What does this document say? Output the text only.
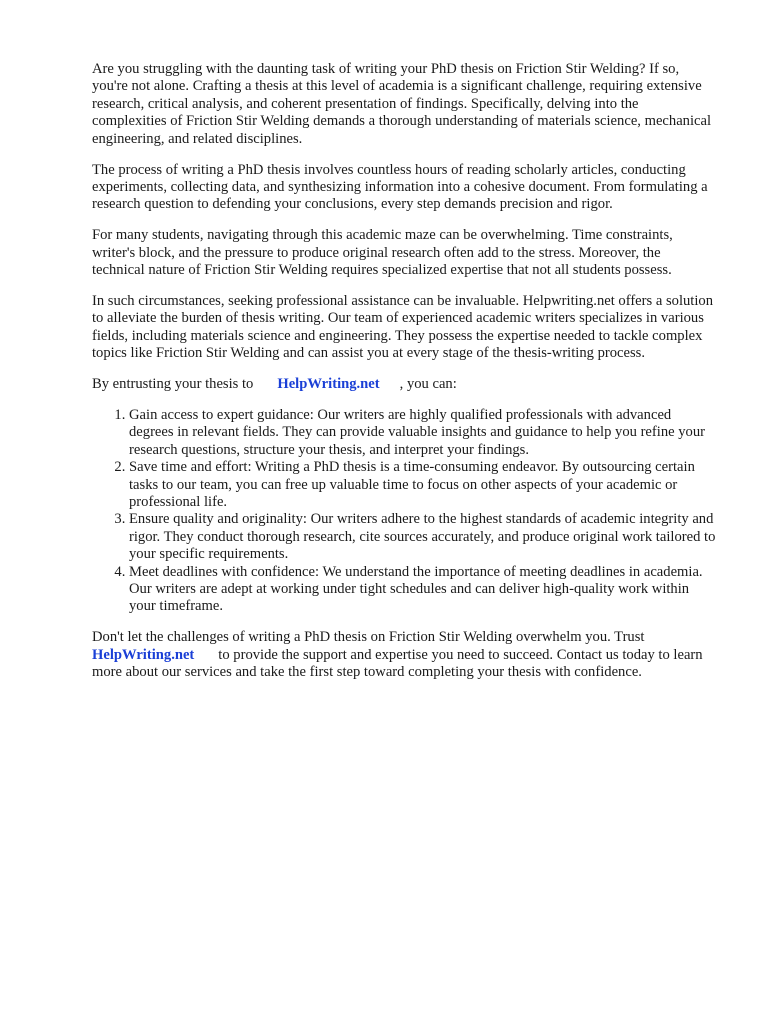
Are you struggling with the daunting task of writing your PhD thesis on Friction Stir Welding? If so, you're not alone. Crafting a thesis at this level of academia is a significant challenge, requiring extensive research, critical analysis, and coherent presentation of findings. Specifically, delving into the complexities of Friction Stir Welding demands a thorough understanding of materials science, mechanical engineering, and related disciplines.

The process of writing a PhD thesis involves countless hours of reading scholarly articles, conducting experiments, collecting data, and synthesizing information into a cohesive document. From formulating a research question to defending your conclusions, every step demands precision and rigor.

For many students, navigating through this academic maze can be overwhelming. Time constraints, writer's block, and the pressure to produce original research often add to the stress. Moreover, the technical nature of Friction Stir Welding requires specialized expertise that not all students possess.

In such circumstances, seeking professional assistance can be invaluable. Helpwriting.net offers a solution to alleviate the burden of thesis writing. Our team of experienced academic writers specializes in various fields, including materials science and engineering. They possess the expertise needed to tackle complex topics like Friction Stir Welding and can assist you at every stage of the thesis-writing process.

By entrusting your thesis to HelpWriting.net , you can:

1. Gain access to expert guidance: Our writers are highly qualified professionals with advanced degrees in relevant fields. They can provide valuable insights and guidance to help you refine your research questions, structure your thesis, and interpret your findings.
2. Save time and effort: Writing a PhD thesis is a time-consuming endeavor. By outsourcing certain tasks to our team, you can free up valuable time to focus on other aspects of your academic or professional life.
3. Ensure quality and originality: Our writers adhere to the highest standards of academic integrity and rigor. They conduct thorough research, cite sources accurately, and produce original work tailored to your specific requirements.
4. Meet deadlines with confidence: We understand the importance of meeting deadlines in academia. Our writers are adept at working under tight schedules and can deliver high-quality work within your timeframe.

Don't let the challenges of writing a PhD thesis on Friction Stir Welding overwhelm you. Trust
HelpWriting.net to provide the support and expertise you need to succeed. Contact us today to learn more about our services and take the first step toward completing your thesis with confidence.
